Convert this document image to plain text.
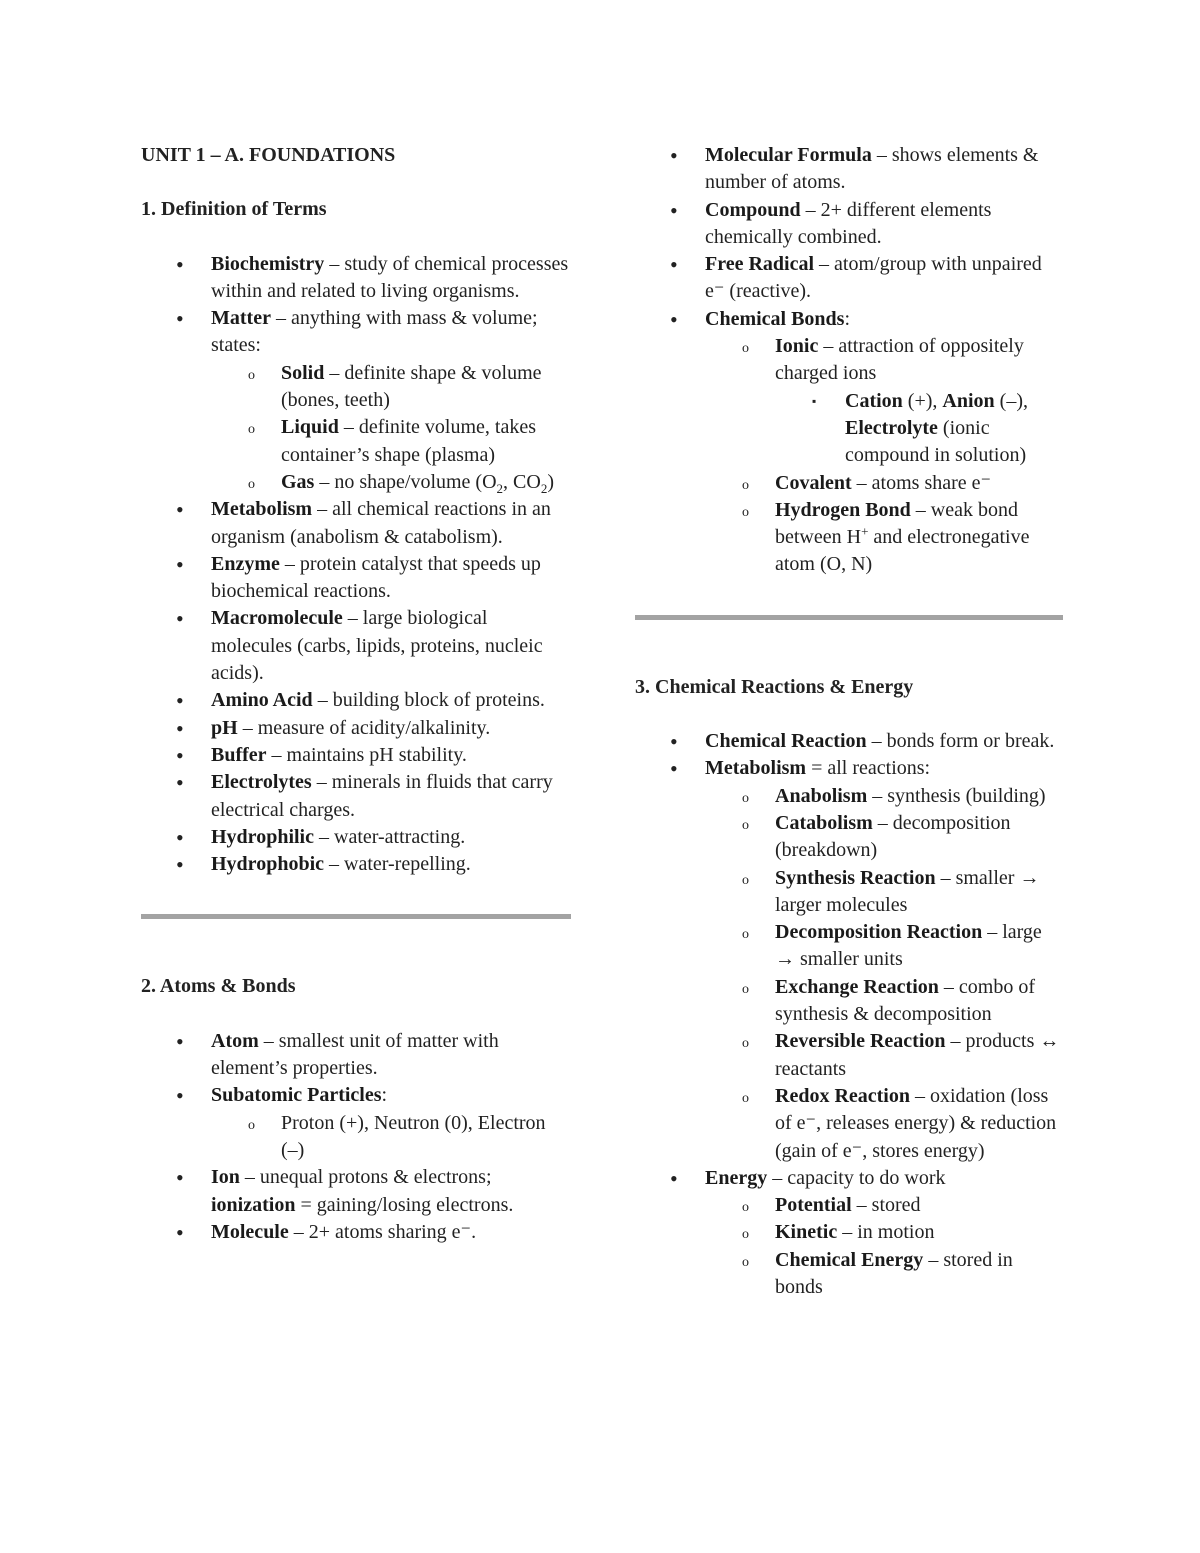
UNIT 1 – A. FOUNDATIONS
1. Definition of Terms
• Biochemistry – study of chemical processes within and related to living organisms.
• Matter – anything with mass & volume; states:
o Solid – definite shape & volume (bones, teeth)
o Liquid – definite volume, takes container’s shape (plasma)
o Gas – no shape/volume ($O_2$, $CO_2$)
• Metabolism – all chemical reactions in an organism (anabolism & catabolism).
• Enzyme – protein catalyst that speeds up biochemical reactions.
• Macromolecule – large biological molecules (carbs, lipids, proteins, nucleic acids).
• Amino Acid – building block of proteins.
• pH – measure of acidity/alkalinity.
• Buffer – maintains pH stability.
• Electrolytes – minerals in fluids that carry electrical charges.
• Hydrophilic – water-attracting.
• Hydrophobic – water-repelling.
2. Atoms & Bonds
• Atom – smallest unit of matter with element’s properties.
• Subatomic Particles:
o Proton (+), Neutron (0), Electron (–)
• Ion – unequal protons & electrons; ionization = gaining/losing electrons.
• Molecule – 2+ atoms sharing e⁻.
• Molecular Formula – shows elements & number of atoms.
• Compound – 2+ different elements chemically combined.
• Free Radical – atom/group with unpaired e⁻ (reactive).
• Chemical Bonds:
o Ionic – attraction of oppositely charged ions
▪ Cation (+), Anion (–), Electrolyte (ionic compound in solution)
o Covalent – atoms share e⁻
o Hydrogen Bond – weak bond between H+ and electronegative atom (O, N)
3. Chemical Reactions & Energy
• Chemical Reaction – bonds form or break.
• Metabolism = all reactions:
o Anabolism – synthesis (building)
o Catabolism – decomposition (breakdown)
o Synthesis Reaction – smaller → larger molecules
o Decomposition Reaction – large → smaller units
o Exchange Reaction – combo of synthesis & decomposition
o Reversible Reaction – products ↔ reactants
o Redox Reaction – oxidation (loss of e⁻, releases energy) & reduction (gain of e⁻, stores energy)
• Energy – capacity to do work
o Potential – stored
o Kinetic – in motion
o Chemical Energy – stored in bonds
